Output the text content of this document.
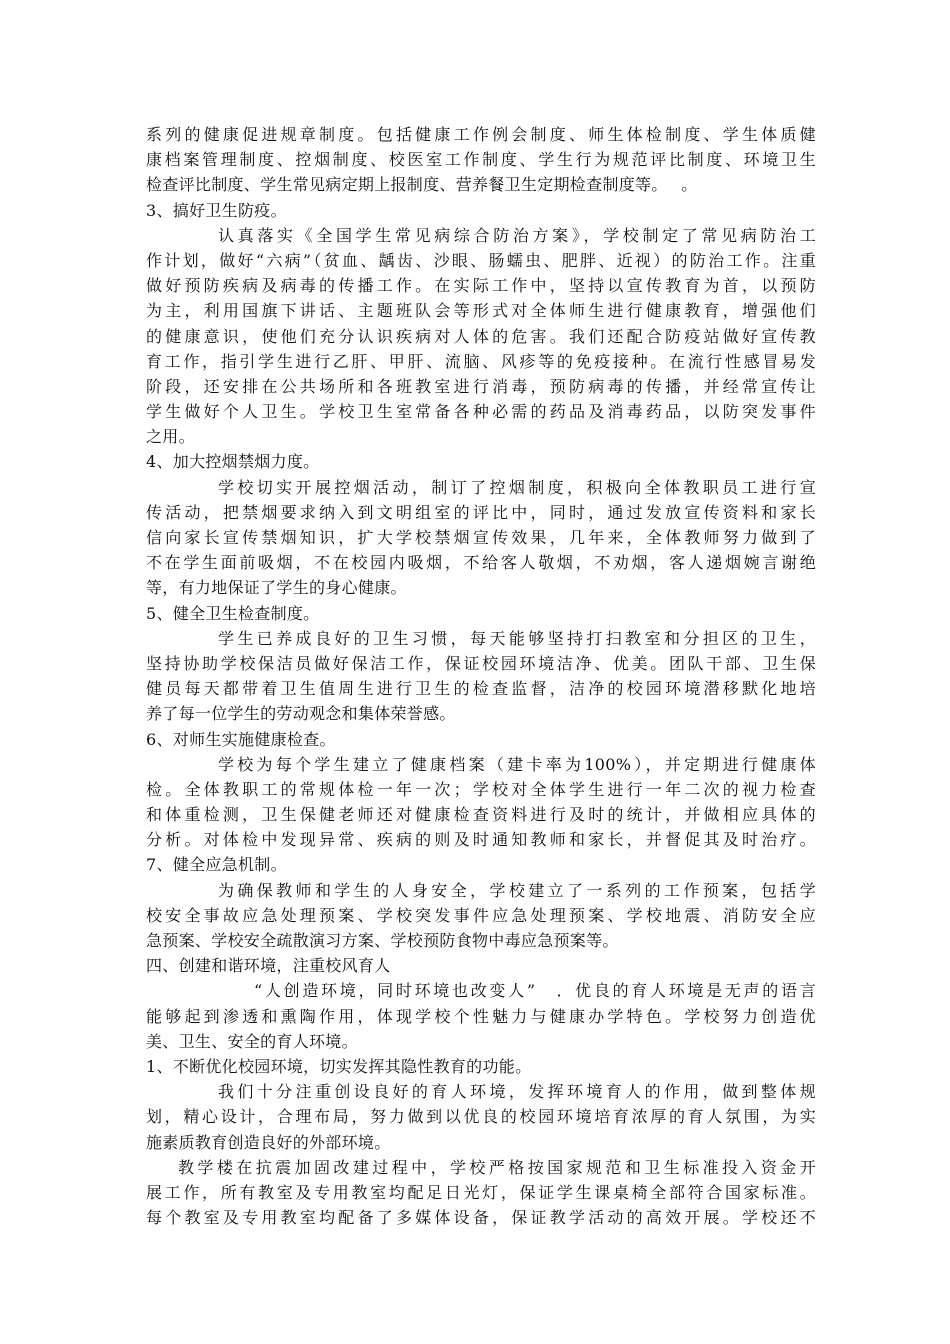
系列的健康促进规章制度。包括健康工作例会制度、师生体检制度、学生体质健
康档案管理制度、控烟制度、校医室工作制度、学生行为规范评比制度、环境卫生
检查评比制度、学生常见病定期上报制度、营养餐卫生定期检查制度等。　 。
3、搞好卫生防疫。
认真落实《全国学生常见病综合防治方案》，学校制定了常见病防治工
作计划，做好“六病”（贫血、龋齿、沙眼、肠蠕虫、肥胖、近视）的防治工作。注重
做好预防疾病及病毒的传播工作。在实际工作中，坚持以宣传教育为首，以预防
为主，利用国旗下讲话、主题班队会等形式对全体师生进行健康教育，增强他们
的健康意识，使他们充分认识疾病对人体的危害。我们还配合防疫站做好宣传教
育工作，指引学生进行乙肝、甲肝、流脑、风疹等的免疫接种。在流行性感冒易发
阶段，还安排在公共场所和各班教室进行消毒，预防病毒的传播，并经常宣传让
学生做好个人卫生。学校卫生室常备各种必需的药品及消毒药品，以防突发事件
之用。
4、加大控烟禁烟力度。
学校切实开展控烟活动，制订了控烟制度，积极向全体教职员工进行宣
传活动，把禁烟要求纳入到文明组室的评比中，同时，通过发放宣传资料和家长
信向家长宣传禁烟知识，扩大学校禁烟宣传效果，几年来，全体教师努力做到了
不在学生面前吸烟，不在校园内吸烟，不给客人敬烟，不劝烟，客人递烟婉言谢绝
等，有力地保证了学生的身心健康。
5、健全卫生检查制度。
学生已养成良好的卫生习惯，每天能够坚持打扫教室和分担区的卫生，
坚持协助学校保洁员做好保洁工作，保证校园环境洁净、优美。团队干部、卫生保
健员每天都带着卫生值周生进行卫生的检查监督，洁净的校园环境潜移默化地培
养了每一位学生的劳动观念和集体荣誉感。
6、对师生实施健康检查。
学校为每个学生建立了健康档案（建卡率为100%），并定期进行健康体
检。全体教职工的常规体检一年一次；学校对全体学生进行一年二次的视力检查
和体重检测，卫生保健老师还对健康检查资料进行及时的统计，并做相应具体的
分析。对体检中发现异常、疾病的则及时通知教师和家长，并督促其及时治疗。
7、健全应急机制。
为确保教师和学生的人身安全，学校建立了一系列的工作预案，包括学
校安全事故应急处理预案、学校突发事件应急处理预案、学校地震、消防安全应
急预案、学校安全疏散演习方案、学校预防食物中毒应急预案等。
四、创建和谐环境，注重校风育人
“人创造环境，同时环境也改变人”　．优良的育人环境是无声的语言
能够起到渗透和熏陶作用，体现学校个性魅力与健康办学特色。学校努力创造优
美、卫生、安全的育人环境。
1、不断优化校园环境，切实发挥其隐性教育的功能。
我们十分注重创设良好的育人环境，发挥环境育人的作用，做到整体规
划，精心设计，合理布局，努力做到以优良的校园环境培育浓厚的育人氛围，为实
施素质教育创造良好的外部环境。
教学楼在抗震加固改建过程中，学校严格按国家规范和卫生标准投入资金开
展工作，所有教室及专用教室均配足日光灯，保证学生课桌椅全部符合国家标准。
每个教室及专用教室均配备了多媒体设备，保证教学活动的高效开展。学校还不
